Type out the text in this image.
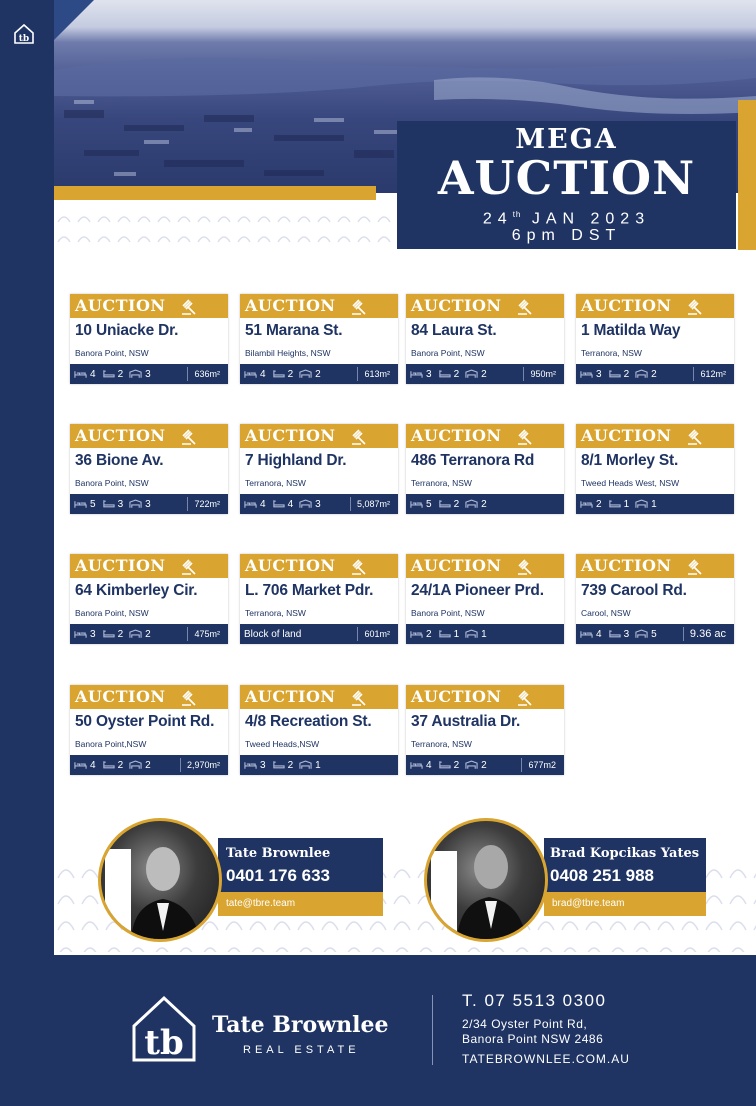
tb
MEGA
AUCTION
24th JAN 2023
6pm DST
AUCTION
10 Uniacke Dr.
Banora Point, NSW
4 2 3	636m²
AUCTION
51 Marana St.
Bilambil Heights, NSW
4 2 2	613m²
AUCTION
84 Laura St.
Banora Point, NSW
3 2 2	950m²
AUCTION
1 Matilda Way
Terranora, NSW
3 2 2	612m²
AUCTION
36 Bione Av.
Banora Point, NSW
5 3 3	722m²
AUCTION
7 Highland Dr.
Terranora, NSW
4 4 3	5,087m²
AUCTION
486 Terranora Rd
Terranora, NSW
5 2 2
AUCTION
8/1 Morley St.
Tweed Heads West, NSW
2 1 1
AUCTION
64 Kimberley Cir.
Banora Point, NSW
3 2 2	475m²
AUCTION
L. 706 Market Pdr.
Terranora, NSW
Block of land	601m²
AUCTION
24/1A Pioneer Prd.
Banora Point, NSW
2 1 1
AUCTION
739 Carool Rd.
Carool, NSW
4 3 5	9.36 ac
AUCTION
50 Oyster Point Rd.
Banora Point,NSW
4 2 2	2,970m²
AUCTION
4/8 Recreation St.
Tweed Heads,NSW
3 2 1
AUCTION
37 Australia Dr.
Terranora, NSW
4 2 2	677m2
Tate Brownlee
0401 176 633
tate@tbre.team
Brad Kopcikas Yates
0408 251 988
brad@tbre.team
tb Tate Brownlee
REAL ESTATE
T. 07 5513 0300
2/34 Oyster Point Rd,
Banora Point NSW 2486
TATEBROWNLEE.COM.AU
